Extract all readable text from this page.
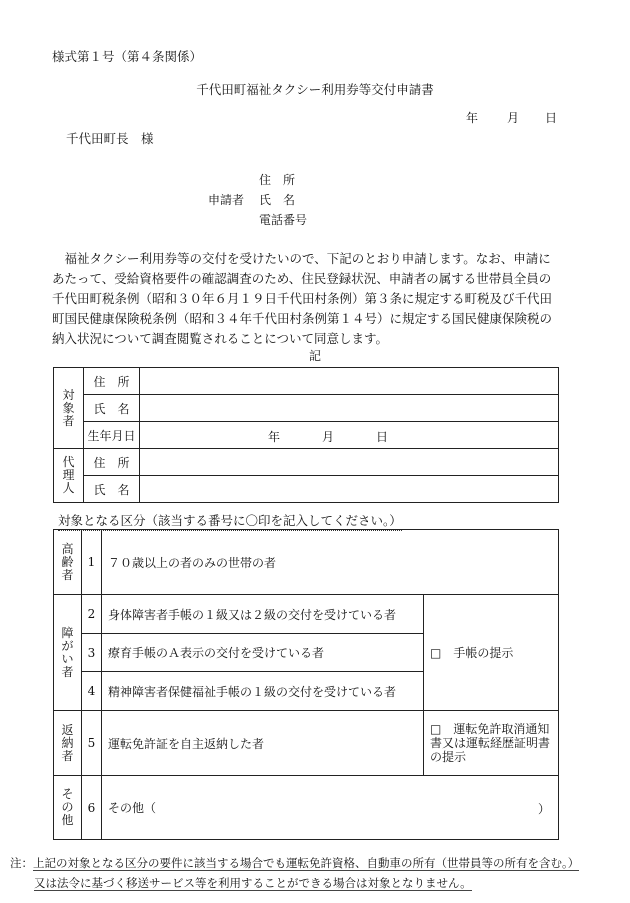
様式第１号（第４条関係）
千代田町福祉タクシー利用券等交付申請書
年 月 日
千代田町長　様
住　所
申請者 氏　名
電話番号

福祉タクシー利用券等の交付を受けたいので、下記のとおり申請します。なお、申請にあたって、受給資格要件の確認調査のため、住民登録状況、申請者の属する世帯員全員の千代田町税条例（昭和３０年６月１９日千代田村条例）第３条に規定する町税及び千代田町国民健康保険税条例（昭和３４年千代田村条例第１４号）に規定する国民健康保険税の納入状況について調査閲覧されることについて同意します。

記
対象者	住　所	
	氏　名	
	生年月日	年 月 日

代理人	住　所	
	氏　名	
対象となる区分（該当する番号に〇印を記入してください。）
高齢者	1	７０歳以上の者のみの世帯の者	
障がい者	2	身体障害者手帳の１級又は２級の交付を受けている者	□　手帳の提示
	3	療育手帳のＡ表示の交付を受けている者	
	4	精神障害者保健福祉手帳の１級の交付を受けている者	
返納者	5	運転免許証を自主返納した者	□　運転免許取消通知書又は運転経歴証明書の提示

その他	6	その他（ ）	
注：上記の対象となる区分の要件に該当する場合でも運転免許資格、自動車の所有（世帯員等の所有を含む。）
又は法令に基づく移送サービス等を利用することができる場合は対象となりません。
